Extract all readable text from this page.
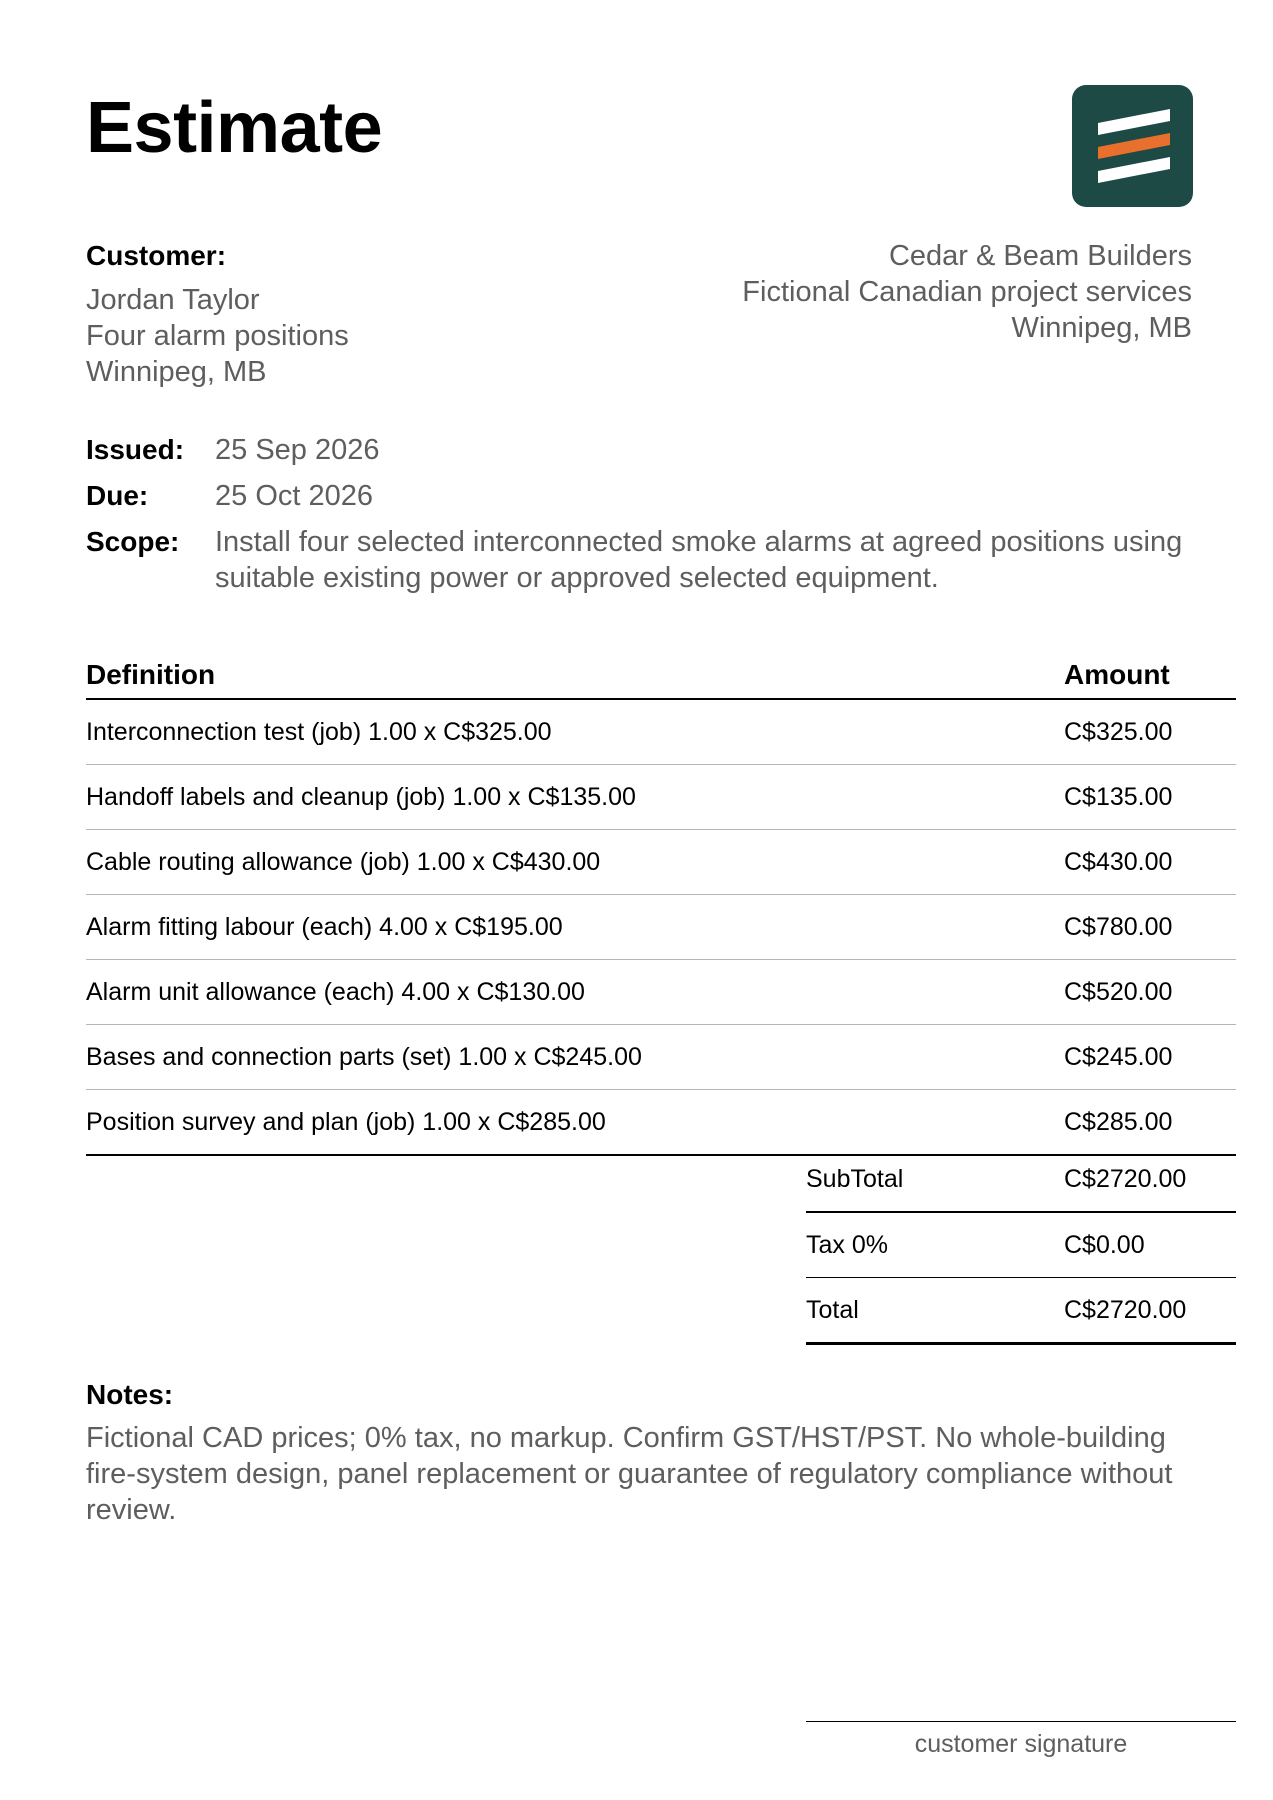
Estimate
Customer:
Jordan Taylor
Four alarm positions
Winnipeg, MB
Cedar & Beam Builders
Fictional Canadian project services
Winnipeg, MB
Issued:	25 Sep 2026
Due:	25 Oct 2026
Scope:	Install four selected interconnected smoke alarms at agreed positions using suitable existing power or approved selected equipment.
Definition	Amount
Interconnection test (job) 1.00 x C$325.00	C$325.00
Handoff labels and cleanup (job) 1.00 x C$135.00	C$135.00
Cable routing allowance (job) 1.00 x C$430.00	C$430.00
Alarm fitting labour (each) 4.00 x C$195.00	C$780.00
Alarm unit allowance (each) 4.00 x C$130.00	C$520.00
Bases and connection parts (set) 1.00 x C$245.00	C$245.00
Position survey and plan (job) 1.00 x C$285.00	C$285.00
SubTotal	C$2720.00
Tax 0%	C$0.00
Total	C$2720.00
Notes:
Fictional CAD prices; 0% tax, no markup. Confirm GST/HST/PST. No whole-building fire-system design, panel replacement or guarantee of regulatory compliance without review.
customer signature
